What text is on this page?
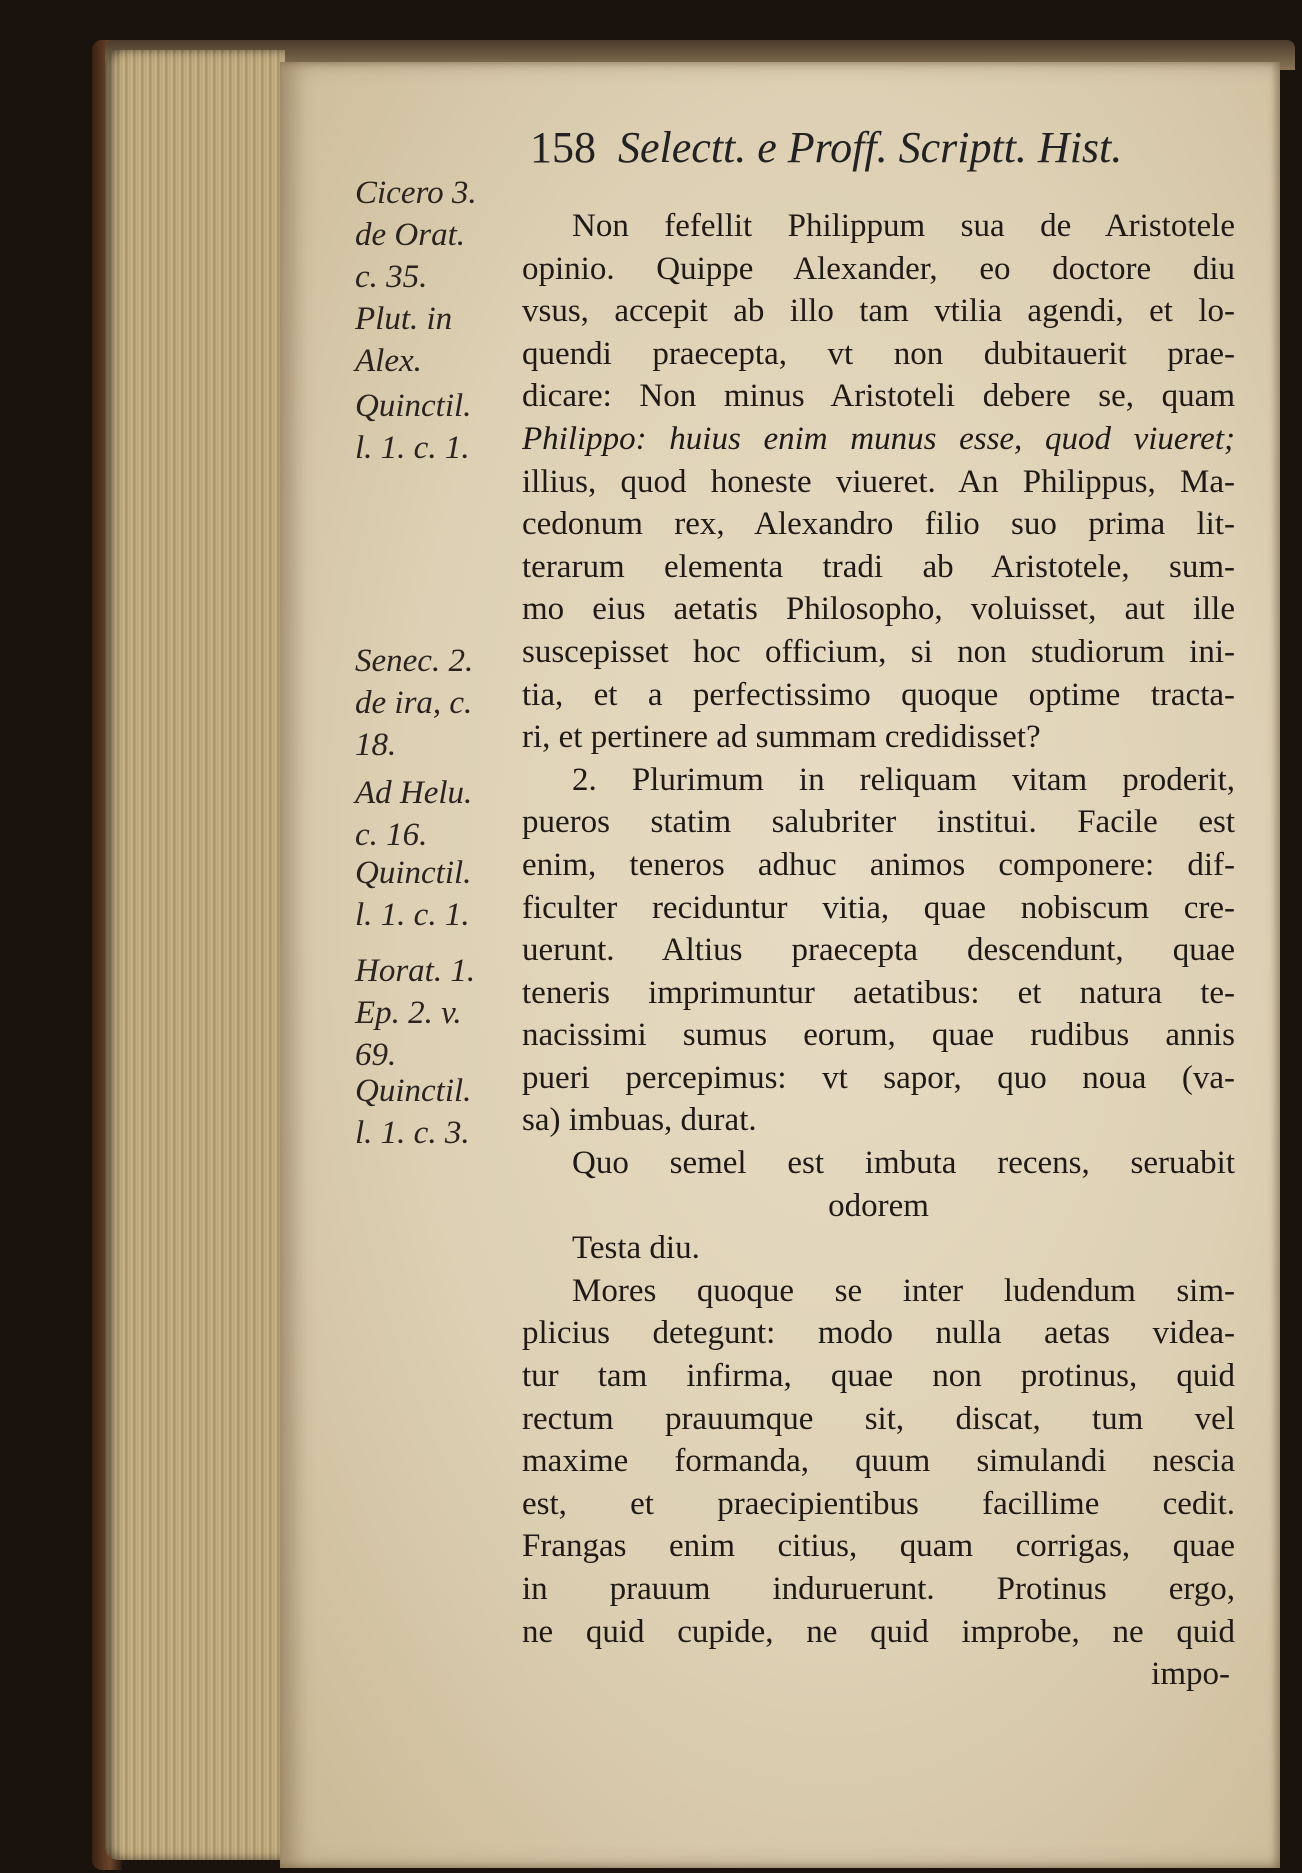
158 Selectt. e Proff. Scriptt. Hist.
Cicero 3.
de Orat.
c. 35.
Plut. in
Alex.
Quinctil.
l. 1. c. 1.
Senec. 2.
de ira, c.
18.
Ad Helu.
c. 16.
Quinctil.
l. 1. c. 1.
Horat. 1.
Ep. 2. v.
69.
Quinctil.
l. 1. c. 3.
Non fefellit Philippum sua de Aristotele
opinio. Quippe Alexander, eo doctore diu
vsus, accepit ab illo tam vtilia agendi, et lo-
quendi praecepta, vt non dubitauerit prae-
dicare: Non minus Aristoteli debere se, quam
Philippo: huius enim munus esse, quod viueret;
illius, quod honeste viueret. An Philippus, Ma-
cedonum rex, Alexandro filio suo prima lit-
terarum elementa tradi ab Aristotele, sum-
mo eius aetatis Philosopho, voluisset, aut ille
suscepisset hoc officium, si non studiorum ini-
tia, et a perfectissimo quoque optime tracta-
ri, et pertinere ad summam credidisset?
2. Plurimum in reliquam vitam proderit,
pueros statim salubriter institui. Facile est
enim, teneros adhuc animos componere: dif-
ficulter reciduntur vitia, quae nobiscum cre-
uerunt. Altius praecepta descendunt, quae
teneris imprimuntur aetatibus: et natura te-
nacissimi sumus eorum, quae rudibus annis
pueri percepimus: vt sapor, quo noua (va-
sa) imbuas, durat.
Quo semel est imbuta recens, seruabit
odorem
Testa diu.
Mores quoque se inter ludendum sim-
plicius detegunt: modo nulla aetas videa-
tur tam infirma, quae non protinus, quid
rectum prauumque sit, discat, tum vel
maxime formanda, quum simulandi nescia
est, et praecipientibus facillime cedit.
Frangas enim citius, quam corrigas, quae
in prauum induruerunt. Protinus ergo,
ne quid cupide, ne quid improbe, ne quid
impo-
